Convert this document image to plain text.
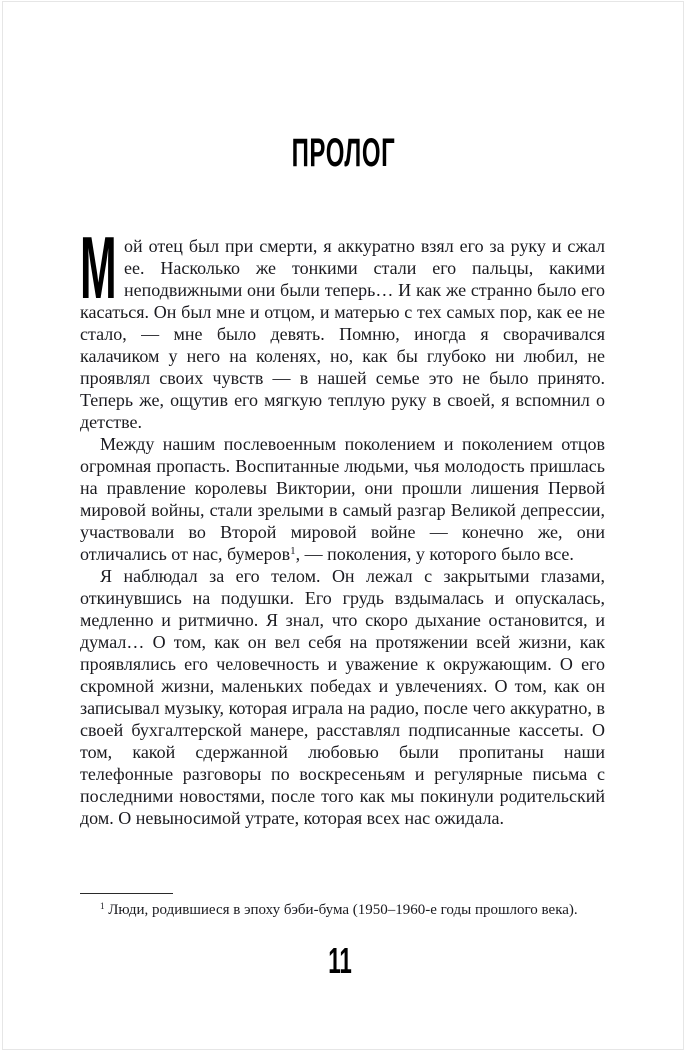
ПРОЛОГ

М ой отец был при смерти, я аккуратно взял его за руку и сжал ее. Насколько же тонкими стали его пальцы, какими неподвижными они были теперь… И как же странно было его касаться. Он был мне и отцом, и матерью с тех самых пор, как ее не стало, — мне было девять. Помню, иногда я сворачивался калачиком у него на коленях, но, как бы глубоко ни любил, не проявлял своих чувств — в нашей семье это не было принято. Теперь же, ощутив его мягкую теплую руку в своей, я вспомнил о детстве.

Между нашим послевоенным поколением и поколением отцов огромная пропасть. Воспитанные людьми, чья молодость пришлась на правление королевы Виктории, они прошли лишения Первой мировой войны, стали зрелыми в самый разгар Великой депрессии, участвовали во Второй мировой войне — конечно же, они отличались от нас, бумеров$^1$, — поколения, у которого было все.

Я наблюдал за его телом. Он лежал с закрытыми глазами, откинувшись на подушки. Его грудь вздымалась и опускалась, медленно и ритмично. Я знал, что скоро дыхание остановится, и думал… О том, как он вел себя на протяжении всей жизни, как проявлялись его человечность и уважение к окружающим. О его скромной жизни, маленьких победах и увлечениях. О том, как он записывал музыку, которая играла на радио, после чего аккуратно, в своей бухгалтерской манере, расставлял подписанные кассеты. О том, какой сдержанной любовью были пропитаны наши телефонные разговоры по воскресеньям и регулярные письма с последними новостями, после того как мы покинули родительский дом. О невыносимой утрате, которая всех нас ожидала.

$^1$ Люди, родившиеся в эпоху бэби-бума (1950–1960-е годы прошлого века).

11
